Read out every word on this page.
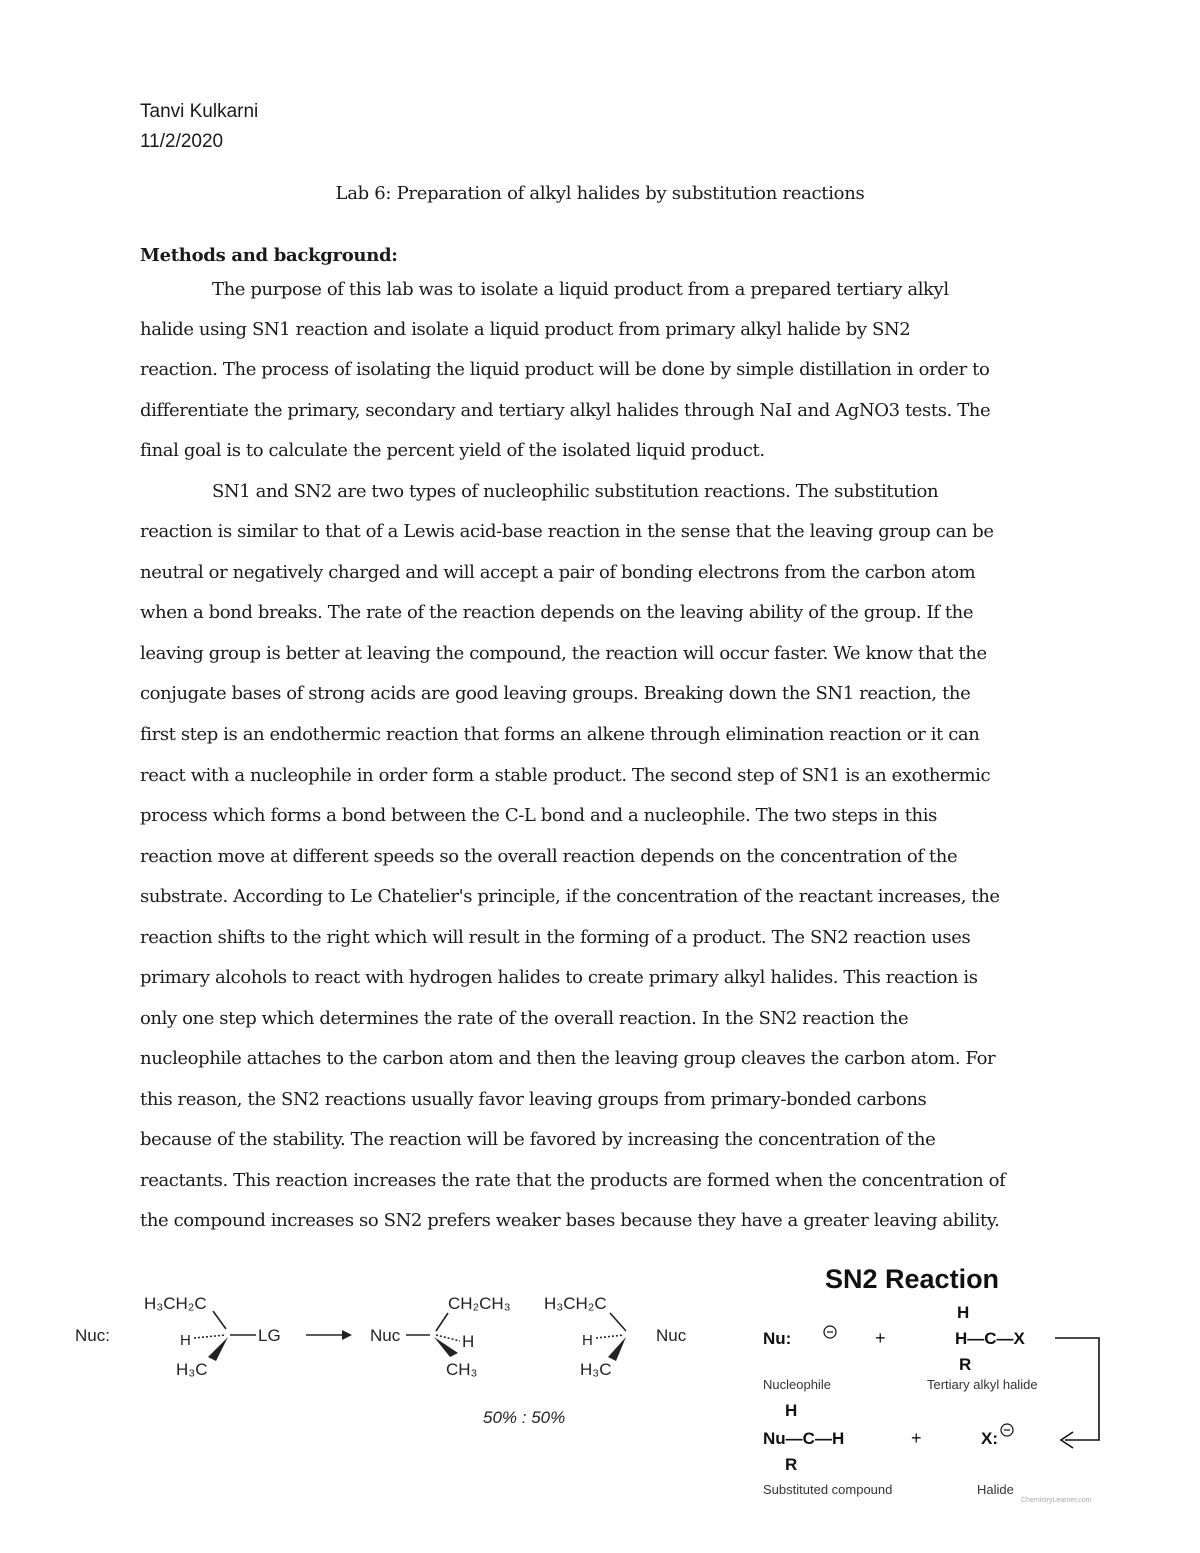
Tanvi Kulkarni
11/2/2020
Lab 6: Preparation of alkyl halides by substitution reactions
Methods and background:
The purpose of this lab was to isolate a liquid product from a prepared tertiary alkyl
halide using SN1 reaction and isolate a liquid product from primary alkyl halide by SN2
reaction. The process of isolating the liquid product will be done by simple distillation in order to
differentiate the primary, secondary and tertiary alkyl halides through NaI and AgNO3 tests. The
final goal is to calculate the percent yield of the isolated liquid product.
SN1 and SN2 are two types of nucleophilic substitution reactions. The substitution
reaction is similar to that of a Lewis acid-base reaction in the sense that the leaving group can be
neutral or negatively charged and will accept a pair of bonding electrons from the carbon atom
when a bond breaks. The rate of the reaction depends on the leaving ability of the group. If the
leaving group is better at leaving the compound, the reaction will occur faster. We know that the
conjugate bases of strong acids are good leaving groups. Breaking down the SN1 reaction, the
first step is an endothermic reaction that forms an alkene through elimination reaction or it can
react with a nucleophile in order form a stable product. The second step of SN1 is an exothermic
process which forms a bond between the C-L bond and a nucleophile. The two steps in this
reaction move at different speeds so the overall reaction depends on the concentration of the
substrate. According to Le Chatelier's principle, if the concentration of the reactant increases, the
reaction shifts to the right which will result in the forming of a product. The SN2 reaction uses
primary alcohols to react with hydrogen halides to create primary alkyl halides. This reaction is
only one step which determines the rate of the overall reaction. In the SN2 reaction the
nucleophile attaches to the carbon atom and then the leaving group cleaves the carbon atom. For
this reason, the SN2 reactions usually favor leaving groups from primary-bonded carbons
because of the stability. The reaction will be favored by increasing the concentration of the
reactants. This reaction increases the rate that the products are formed when the concentration of
the compound increases so SN2 prefers weaker bases because they have a greater leaving ability.
Nuc:
H₃CH₂C
H	LG
H₃C
Nuc
CH₂CH₃
H
CH₃
H₃CH₂C
H
H₃C
Nuc
50% : 50%
SN2 Reaction
Nu:
H
H—C—X
R
+
Nucleophile	Tertiary alkyl halide
H
Nu—C—H
R
X:
+
Substituted compound	Halide
ChemistryLearner.com
